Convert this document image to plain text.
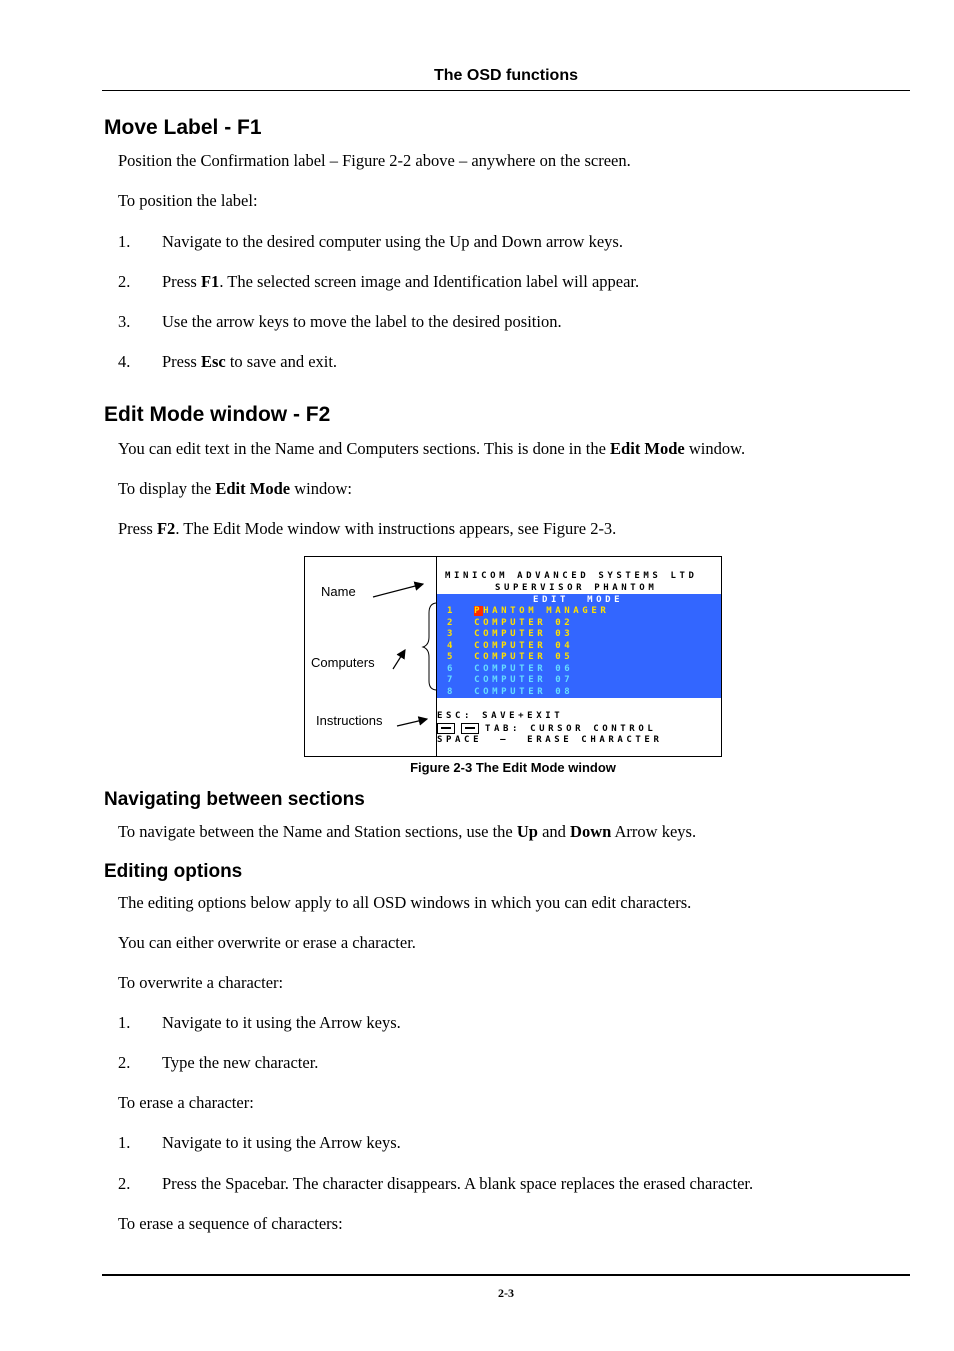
The OSD functions
Move Label - F1
Position the Confirmation label – Figure 2-2 above – anywhere on the screen.
To position the label:
1. Navigate to the desired computer using the Up and Down arrow keys.
2. Press F1. The selected screen image and Identification label will appear.
3. Use the arrow keys to move the label to the desired position.
4. Press Esc to save and exit.
Edit Mode window - F2
You can edit text in the Name and Computers sections. This is done in the Edit Mode window.
To display the Edit Mode window:
Press F2. The Edit Mode window with instructions appears, see Figure 2-3.
Name
Computers
Instructions
MINICOM ADVANCED SYSTEMS LTD
SUPERVISOR PHANTOM
EDIT  MODE
1 PHANTOM MANAGER
2 COMPUTER 02
3 COMPUTER 03
4 COMPUTER 04
5 COMPUTER 05
6 COMPUTER 06
7 COMPUTER 07
8 COMPUTER 08
ESC: SAVE+EXIT
TAB: CURSOR CONTROL
SPACE  –  ERASE CHARACTER
Figure 2-3 The Edit Mode window
Navigating between sections
To navigate between the Name and Station sections, use the Up and Down Arrow keys.
Editing options
The editing options below apply to all OSD windows in which you can edit characters.
You can either overwrite or erase a character.
To overwrite a character:
1. Navigate to it using the Arrow keys.
2. Type the new character.
To erase a character:
1. Navigate to it using the Arrow keys.
2. Press the Spacebar. The character disappears. A blank space replaces the erased character.
To erase a sequence of characters:
2-3
